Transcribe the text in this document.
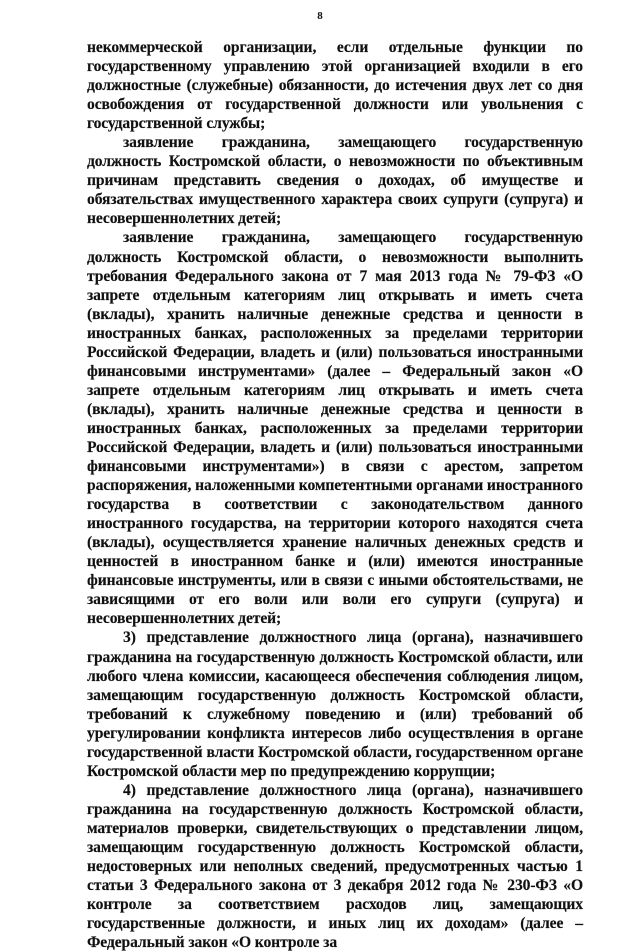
8

некоммерческой организации, если отдельные функции по государственному управлению этой организацией входили в его должностные (служебные) обязанности, до истечения двух лет со дня освобождения от государственной должности или увольнения с государственной службы;

заявление гражданина, замещающего государственную должность Костромской области, о невозможности по объективным причинам представить сведения о доходах, об имуществе и обязательствах имущественного характера своих супруги (супруга) и несовершеннолетних детей;

заявление гражданина, замещающего государственную должность Костромской области, о невозможности выполнить требования Федерального закона от 7 мая 2013 года № 79-ФЗ «О запрете отдельным категориям лиц открывать и иметь счета (вклады), хранить наличные денежные средства и ценности в иностранных банках, расположенных за пределами территории Российской Федерации, владеть и (или) пользоваться иностранными финансовыми инструментами» (далее – Федеральный закон «О запрете отдельным категориям лиц открывать и иметь счета (вклады), хранить наличные денежные средства и ценности в иностранных банках, расположенных за пределами территории Российской Федерации, владеть и (или) пользоваться иностранными финансовыми инструментами») в связи с арестом, запретом распоряжения, наложенными компетентными органами иностранного государства в соответствии с законодательством данного иностранного государства, на территории которого находятся счета (вклады), осуществляется хранение наличных денежных средств и ценностей в иностранном банке и (или) имеются иностранные финансовые инструменты, или в связи с иными обстоятельствами, не зависящими от его воли или воли его супруги (супруга) и несовершеннолетних детей;

3) представление должностного лица (органа), назначившего гражданина на государственную должность Костромской области, или любого члена комиссии, касающееся обеспечения соблюдения лицом, замещающим государственную должность Костромской области, требований к служебному поведению и (или) требований об урегулировании конфликта интересов либо осуществления в органе государственной власти Костромской области, государственном органе Костромской области мер по предупреждению коррупции;

4) представление должностного лица (органа), назначившего гражданина на государственную должность Костромской области, материалов проверки, свидетельствующих о представлении лицом, замещающим государственную должность Костромской области, недостоверных или неполных сведений, предусмотренных частью 1 статьи 3 Федерального закона от 3 декабря 2012 года № 230-ФЗ «О контроле за соответствием расходов лиц, замещающих государственные должности, и иных лиц их доходам» (далее – Федеральный закон «О контроле за
